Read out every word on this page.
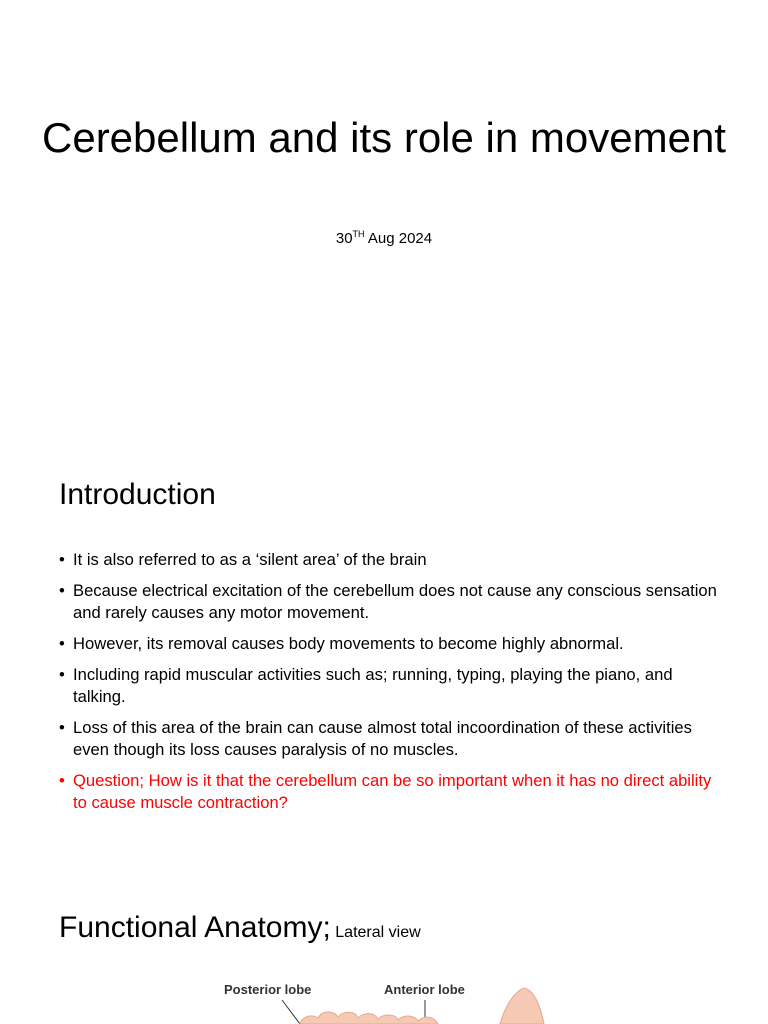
Cerebellum and its role in movement
30TH Aug 2024
Introduction
• It is also referred to as a ‘silent area’ of the brain
• Because electrical excitation of the cerebellum does not cause any conscious sensation and rarely causes any motor movement.
• However, its removal causes body movements to become highly abnormal.
• Including rapid muscular activities such as; running, typing, playing the piano, and talking.
• Loss of this area of the brain can cause almost total incoordination of these activities even though its loss causes paralysis of no muscles.
• Question; How is it that the cerebellum can be so important when it has no direct ability to cause muscle contraction?
Functional Anatomy; Lateral view
Posterior lobe	Anterior lobe
